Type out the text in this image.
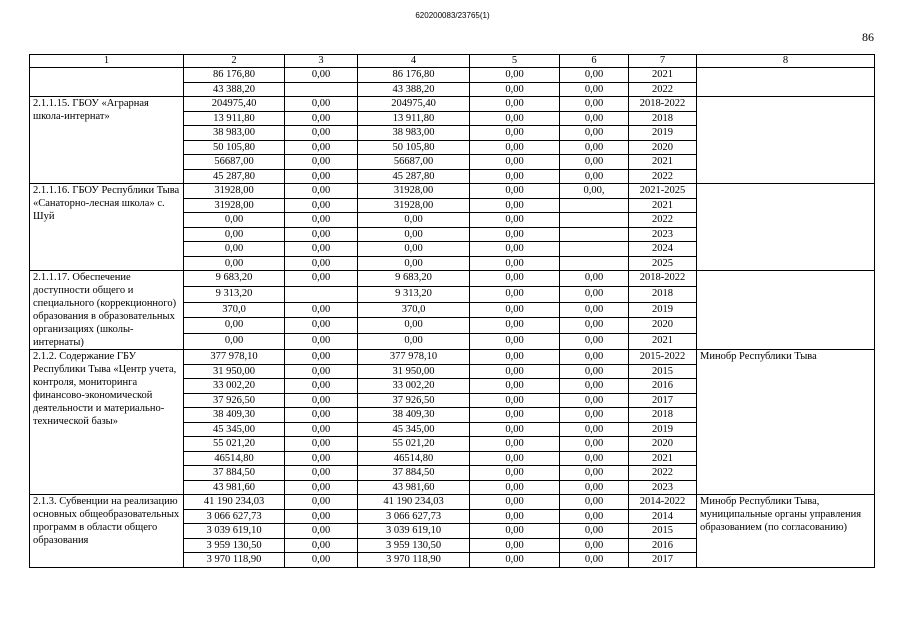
620200083/23765(1)
86
1	2	3	4	5	6	7	8
	86 176,80	0,00	86 176,80	0,00	0,00	2021	
	43 388,20		43 388,20	0,00	0,00	2022	
2.1.1.15. ГБОУ «Аграрная школа-интернат»	204975,40	0,00	204975,40	0,00	0,00	2018-2022	
	13 911,80	0,00	13 911,80	0,00	0,00	2018	
	38 983,00	0,00	38 983,00	0,00	0,00	2019	
	50 105,80	0,00	50 105,80	0,00	0,00	2020	
	56687,00	0,00	56687,00	0,00	0,00	2021	
	45 287,80	0,00	45 287,80	0,00	0,00	2022	
2.1.1.16. ГБОУ Республики Тыва «Санаторно-лесная школа» с. Шуй	31928,00	0,00	31928,00	0,00	0,00,	2021-2025	
	31928,00	0,00	31928,00	0,00		2021	
	0,00	0,00	0,00	0,00		2022	
	0,00	0,00	0,00	0,00		2023	
	0,00	0,00	0,00	0,00		2024	
	0,00	0,00	0,00	0,00		2025	
2.1.1.17. Обеспечение доступности общего и специального (коррекционного) образования в образовательных организациях (школы-интернаты)	9 683,20	0,00	9 683,20	0,00	0,00	2018-2022	
	9 313,20		9 313,20	0,00	0,00	2018	
	370,0	0,00	370,0	0,00	0,00	2019	
	0,00	0,00	0,00	0,00	0,00	2020	
	0,00	0,00	0,00	0,00	0,00	2021	
2.1.2. Содержание ГБУ Республики Тыва «Центр учета, контроля, мониторинга финансово-экономической деятельности и материально-технической базы»	377 978,10	0,00	377 978,10	0,00	0,00	2015-2022	Минобр Республики Тыва
	31 950,00	0,00	31 950,00	0,00	0,00	2015	
	33 002,20	0,00	33 002,20	0,00	0,00	2016	
	37 926,50	0,00	37 926,50	0,00	0,00	2017	
	38 409,30	0,00	38 409,30	0,00	0,00	2018	
	45 345,00	0,00	45 345,00	0,00	0,00	2019	
	55 021,20	0,00	55 021,20	0,00	0,00	2020	
	46514,80	0,00	46514,80	0,00	0,00	2021	
	37 884,50	0,00	37 884,50	0,00	0,00	2022	
	43 981,60	0,00	43 981,60	0,00	0,00	2023	
2.1.3. Субвенции на реализацию основных общеобразовательных программ в области общего образования	41 190 234,03	0,00	41 190 234,03	0,00	0,00	2014-2022	Минобр Республики Тыва, муниципальные органы управления образованием (по согласованию)
	3 066 627,73	0,00	3 066 627,73	0,00	0,00	2014	
	3 039 619,10	0,00	3 039 619,10	0,00	0,00	2015	
	3 959 130,50	0,00	3 959 130,50	0,00	0,00	2016	
	3 970 118,90	0,00	3 970 118,90	0,00	0,00	2017	
